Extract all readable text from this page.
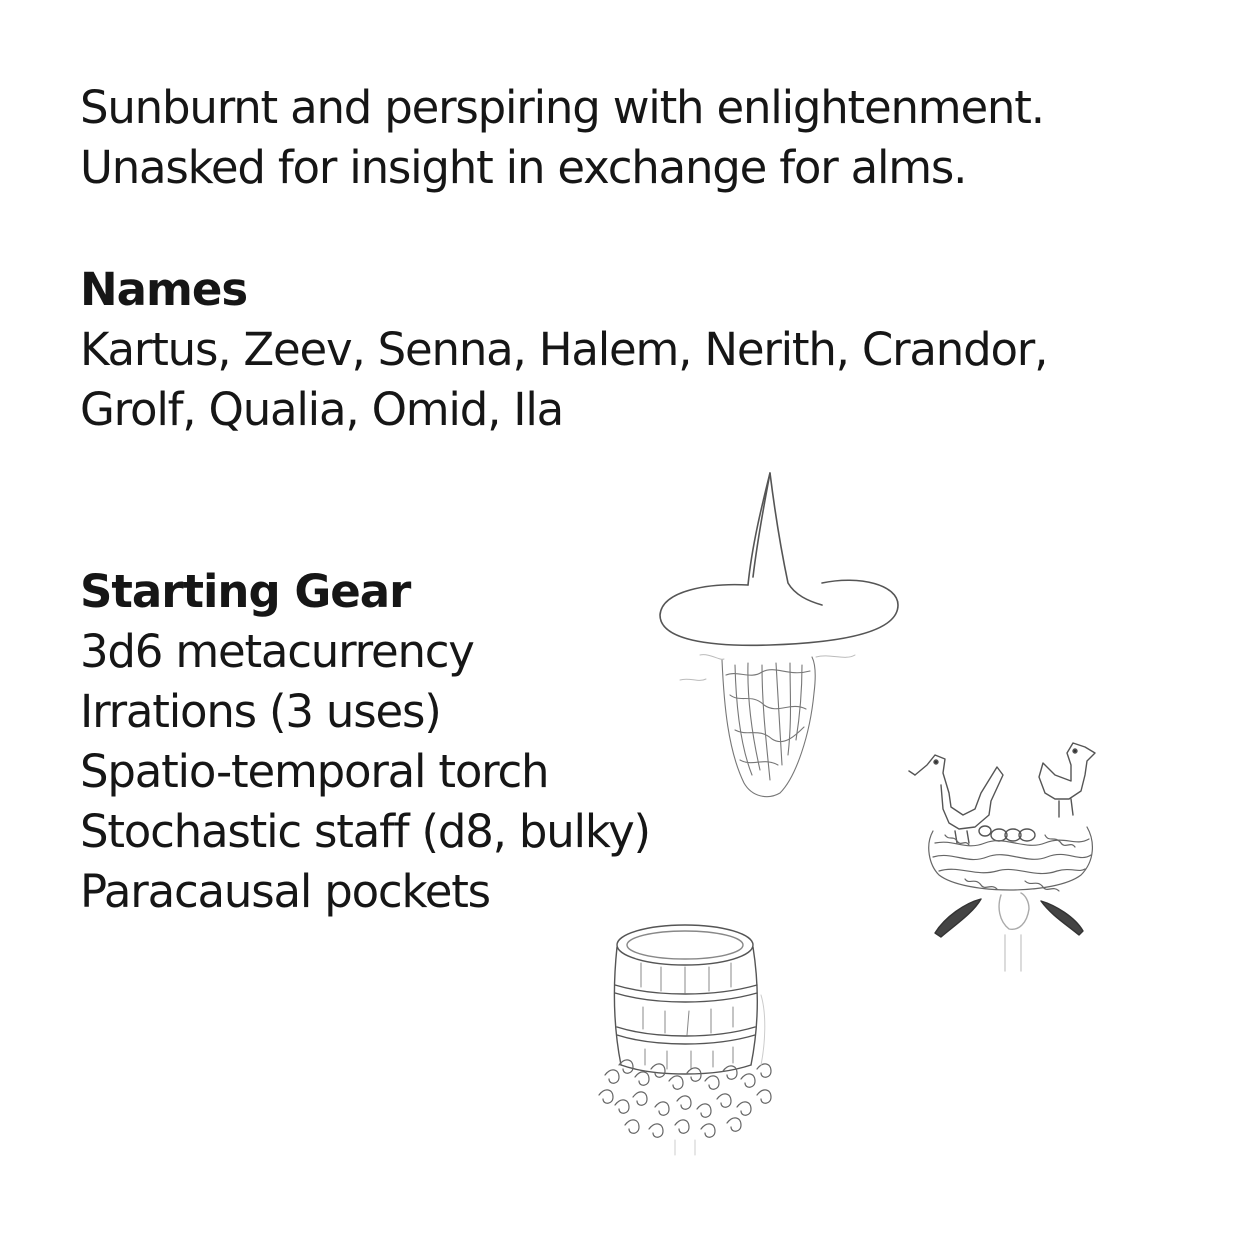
Sunburnt and perspiring with enlightenment.
Unasked for insight in exchange for alms.
Names
Kartus, Zeev, Senna, Halem, Nerith, Crandor,
Grolf, Qualia, Omid, Ila
Starting Gear
3d6 metacurrency
Irrations (3 uses)
Spatio-temporal torch
Stochastic staff (d8, bulky)
Paracausal pockets
